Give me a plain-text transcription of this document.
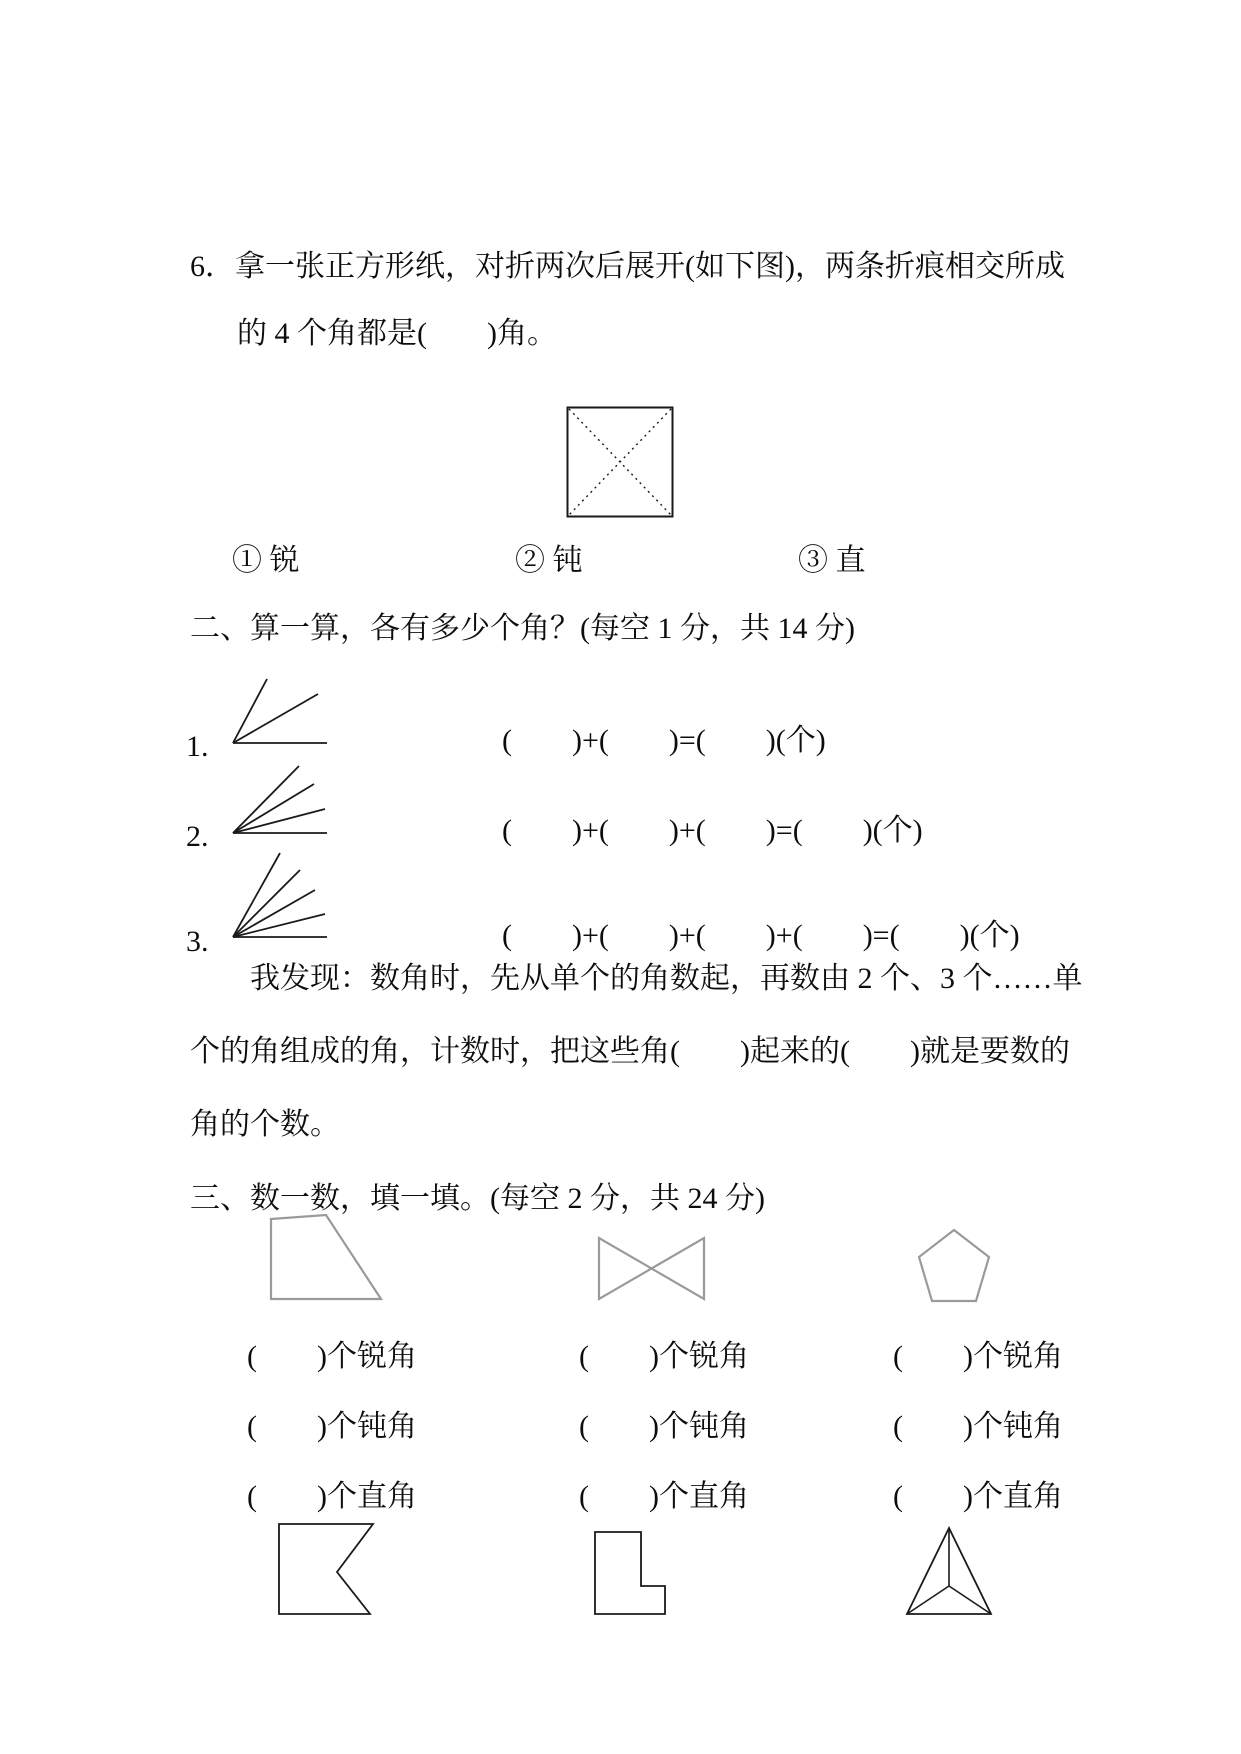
6．拿一张正方形纸，对折两次后展开(如下图)，两条折痕相交所成
的 4 个角都是(　　)角。
① 锐	② 钝	③ 直
二、算一算，各有多少个角？(每空 1 分，共 14 分)
1.	(　　)+(　　)=(　　)(个)
2.	(　　)+(　　)+(　　)=(　　)(个)
3.	(　　)+(　　)+(　　)+(　　)=(　　)(个)
我发现：数角时，先从单个的角数起，再数由 2 个、3 个……单
个的角组成的角，计数时，把这些角(　　)起来的(　　)就是要数的
角的个数。
三、数一数，填一填。(每空 2 分，共 24 分)
(　　)个锐角	(　　)个锐角	(　　)个锐角
(　　)个钝角	(　　)个钝角	(　　)个钝角
(　　)个直角	(　　)个直角	(　　)个直角
